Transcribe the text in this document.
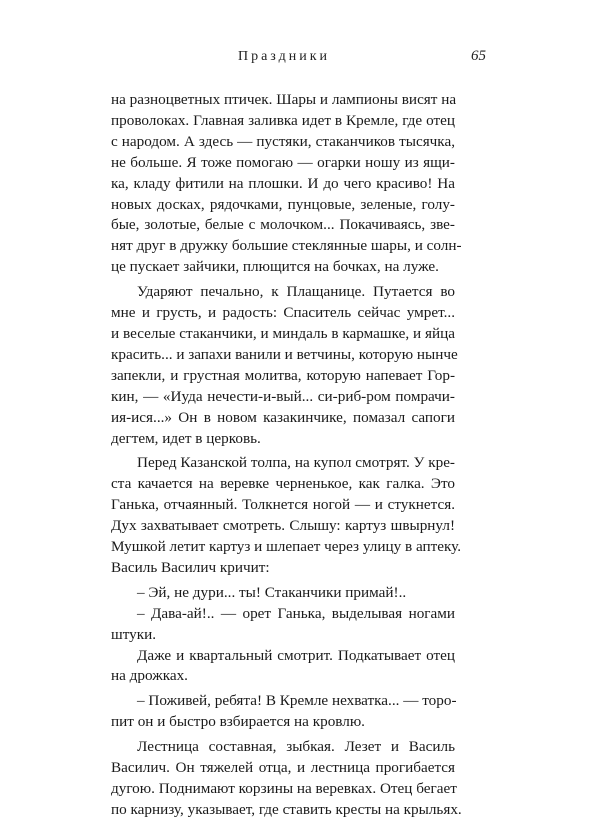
Праздники	65
на разноцветных птичек. Шары и лампионы висят на
проволоках. Главная заливка идет в Кремле, где отец
с народом. А здесь — пустяки, стаканчиков тысячка,
не больше. Я тоже помогаю — огарки ношу из ящи-
ка, кладу фитили на плошки. И до чего красиво! На
новых досках, рядочками, пунцовые, зеленые, голу-
бые, золотые, белые с молочком... Покачиваясь, зве-
нят друг в дружку большие стеклянные шары, и солн-
це пускает зайчики, плющится на бочках, на луже.
Ударяют печально, к Плащанице. Путается во
мне и грусть, и радость: Спаситель сейчас умрет...
и веселые стаканчики, и миндаль в кармашке, и яйца
красить... и запахи ванили и ветчины, которую нынче
запекли, и грустная молитва, которую напевает Гор-
кин, — «Иуда нечести-и-вый... си-риб-ром помрачи-
ия-ися...» Он в новом казакинчике, помазал сапоги
дегтем, идет в церковь.
Перед Казанской толпа, на купол смотрят. У кре-
ста качается на веревке черненькое, как галка. Это
Ганька, отчаянный. Толкнется ногой — и стукнется.
Дух захватывает смотреть. Слышу: картуз швырнул!
Мушкой летит картуз и шлепает через улицу в аптеку.
Василь Василич кричит:
– Эй, не дури... ты! Стаканчики примай!..
– Дава-ай!.. — орет Ганька, выделывая ногами
штуки.
Даже и квартальный смотрит. Подкатывает отец
на дрожках.
– Поживей, ребята! В Кремле нехватка... — торо-
пит он и быстро взбирается на кровлю.
Лестница составная, зыбкая. Лезет и Василь
Василич. Он тяжелей отца, и лестница прогибается
дугою. Поднимают корзины на веревках. Отец бегает
по карнизу, указывает, где ставить кресты на крыльях.
